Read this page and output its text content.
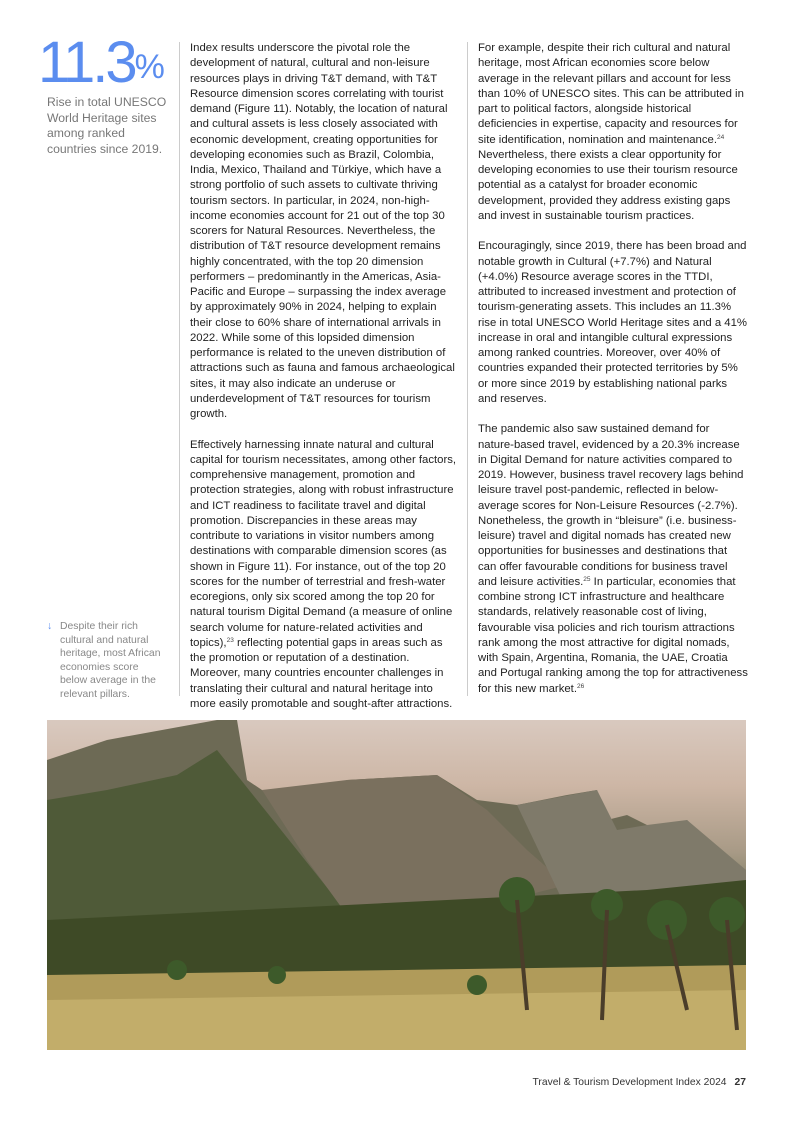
11.3%
Rise in total UNESCO World Heritage sites among ranked countries since 2019.
↓ Despite their rich cultural and natural heritage, most African economies score below average in the relevant pillars.

Index results underscore the pivotal role the development of natural, cultural and non-leisure resources plays in driving T&T demand, with T&T Resource dimension scores correlating with tourist demand (Figure 11). Notably, the location of natural and cultural assets is less closely associated with economic development, creating opportunities for developing economies such as Brazil, Colombia, India, Mexico, Thailand and Türkiye, which have a strong portfolio of such assets to cultivate thriving tourism sectors. In particular, in 2024, non-high-income economies account for 21 out of the top 30 scorers for Natural Resources. Nevertheless, the distribution of T&T resource development remains highly concentrated, with the top 20 dimension performers – predominantly in the Americas, Asia-Pacific and Europe – surpassing the index average by approximately 90% in 2024, helping to explain their close to 60% share of international arrivals in 2022. While some of this lopsided dimension performance is related to the uneven distribution of attractions such as fauna and famous archaeological sites, it may also indicate an underuse or underdevelopment of T&T resources for tourism growth.

Effectively harnessing innate natural and cultural capital for tourism necessitates, among other factors, comprehensive management, promotion and protection strategies, along with robust infrastructure and ICT readiness to facilitate travel and digital promotion. Discrepancies in these areas may contribute to variations in visitor numbers among destinations with comparable dimension scores (as shown in Figure 11). For instance, out of the top 20 scores for the number of terrestrial and fresh-water ecoregions, only six scored among the top 20 for natural tourism Digital Demand (a measure of online search volume for nature-related activities and topics),$^{23}$ reflecting potential gaps in areas such as the promotion or reputation of a destination. Moreover, many countries encounter challenges in translating their cultural and natural heritage into more easily promotable and sought-after attractions.

For example, despite their rich cultural and natural heritage, most African economies score below average in the relevant pillars and account for less than 10% of UNESCO sites. This can be attributed in part to political factors, alongside historical deficiencies in expertise, capacity and resources for site identification, nomination and maintenance.$^{24}$ Nevertheless, there exists a clear opportunity for developing economies to use their tourism resource potential as a catalyst for broader economic development, provided they address existing gaps and invest in sustainable tourism practices.

Encouragingly, since 2019, there has been broad and notable growth in Cultural (+7.7%) and Natural (+4.0%) Resource average scores in the TTDI, attributed to increased investment and protection of tourism-generating assets. This includes an 11.3% rise in total UNESCO World Heritage sites and a 41% increase in oral and intangible cultural expressions among ranked countries. Moreover, over 40% of countries expanded their protected territories by 5% or more since 2019 by establishing national parks and reserves.

The pandemic also saw sustained demand for nature-based travel, evidenced by a 20.3% increase in Digital Demand for nature activities compared to 2019. However, business travel recovery lags behind leisure travel post-pandemic, reflected in below-average scores for Non-Leisure Resources (-2.7%). Nonetheless, the growth in “bleisure” (i.e. business-leisure) travel and digital nomads has created new opportunities for businesses and destinations that can offer favourable conditions for business travel and leisure activities.$^{25}$ In particular, economies that combine strong ICT infrastructure and healthcare standards, relatively reasonable cost of living, favourable visa policies and rich tourism attractions rank among the most attractive for digital nomads, with Spain, Argentina, Romania, the UAE, Croatia and Portugal ranking among the top for attractiveness for this new market.$^{26}$

Travel & Tourism Development Index 2024 27
